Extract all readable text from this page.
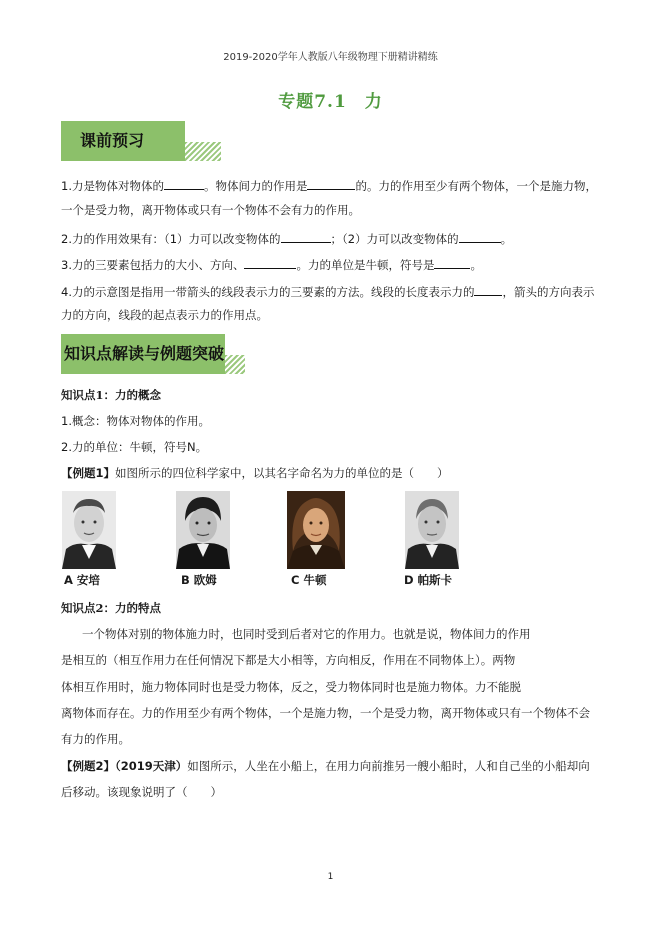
2019-2020学年人教版八年级物理下册精讲精练
专题7.1　力
课前预习
1.力是物体对物体的	。物体间力的作用是	的。力的作用至少有两个物体，一个是施力物，
一个是受力物，离开物体或只有一个物体不会有力的作用。
2.力的作用效果有：（1）力可以改变物体的	；（2）力可以改变物体的	。
3.力的三要素包括力的大小、方向、	。力的单位是牛顿，符号是	。
4.力的示意图是指用一带箭头的线段表示力的三要素的方法。线段的长度表示力的 ，箭头的方向表示
力的方向，线段的起点表示力的作用点。
知识点解读与例题突破
知识点1：力的概念
1.概念：物体对物体的作用。
2.力的单位：牛顿，符号N。
【例题1】如图所示的四位科学家中，以其名字命名为力的单位的是（　　）
A 安培	B 欧姆	C 牛顿	D 帕斯卡
知识点2：力的特点
一个物体对别的物体施力时，也同时受到后者对它的作用力。也就是说，物体间力的作用
是相互的（相互作用力在任何情况下都是大小相等，方向相反，作用在不同物体上）。两物
体相互作用时，施力物体同时也是受力物体，反之，受力物体同时也是施力物体。力不能脱
离物体而存在。力的作用至少有两个物体，一个是施力物，一个是受力物，离开物体或只有一个物体不会
有力的作用。
【例题2】（2019天津）如图所示，人坐在小船上，在用力向前推另一艘小船时，人和自己坐的小船却向
后移动。该现象说明了（　　）
1
